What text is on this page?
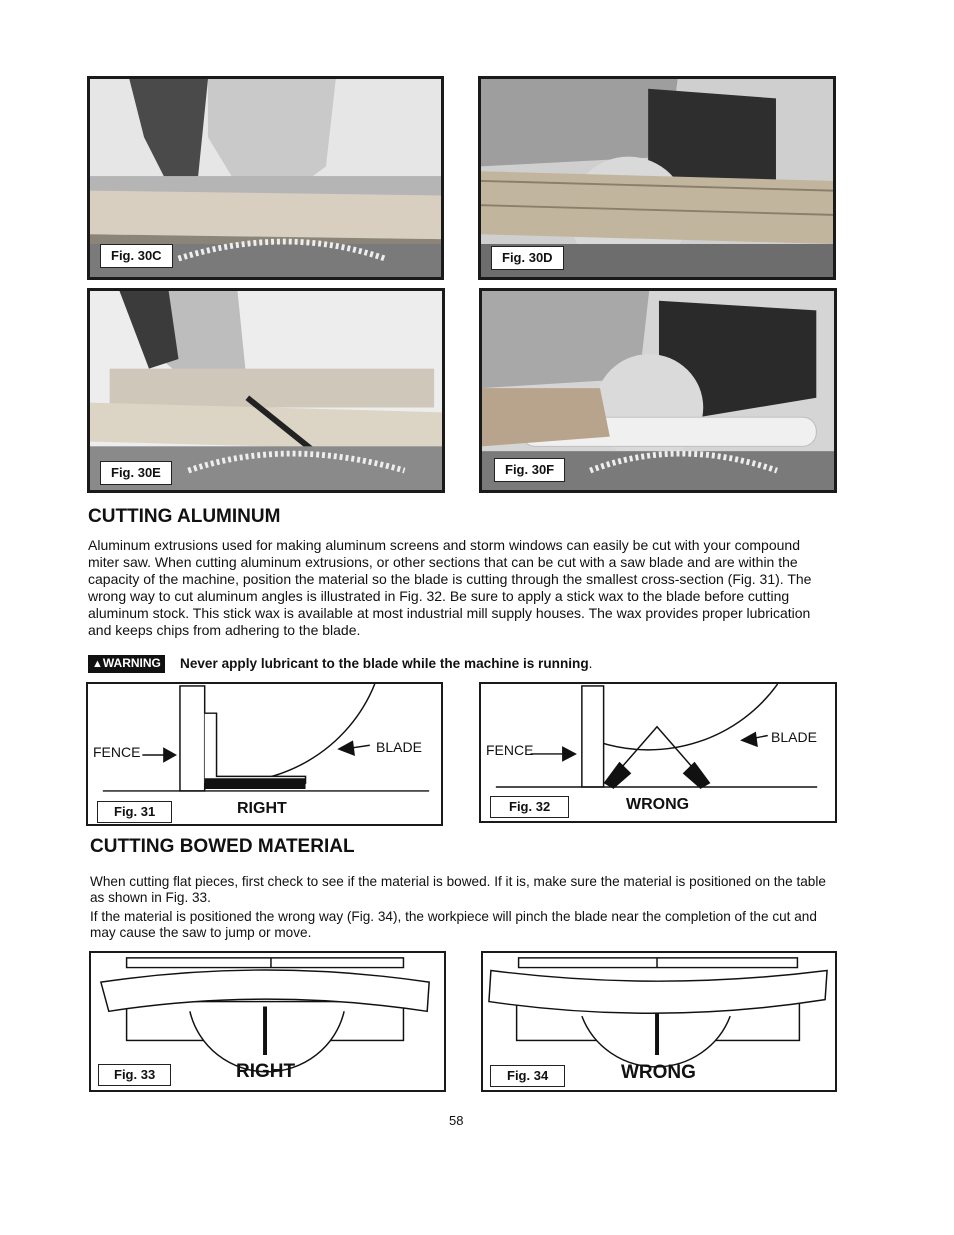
Fig. 30C	Fig. 30D
Fig. 30E	Fig. 30F
CUTTING ALUMINUM

Aluminum extrusions used for making aluminum screens and storm windows can easily be cut with your compound miter saw. When cutting aluminum extrusions, or other sections that can be cut with a saw blade and are within the capacity of the machine, position the material so the blade is cutting through the smallest cross-section (Fig. 31). The wrong way to cut aluminum angles is illustrated in Fig. 32. Be sure to apply a stick wax to the blade before cutting aluminum stock. This stick wax is available at most industrial mill supply houses. The wax provides proper lubrication and keeps chips from adhering to the blade.

▲WARNING Never apply lubricant to the blade while the machine is running.
FENCE	BLADE
Fig. 31	RIGHT
FENCE
BLADE
Fig. 32	WRONG
CUTTING BOWED MATERIAL

When cutting flat pieces, first check to see if the material is bowed. If it is, make sure the material is positioned on the table as shown in Fig. 33.

If the material is positioned the wrong way (Fig. 34), the workpiece will pinch the blade near the completion of the cut and may cause the saw to jump or move.

Fig. 33	RIGHT	Fig. 34	WRONG
58
